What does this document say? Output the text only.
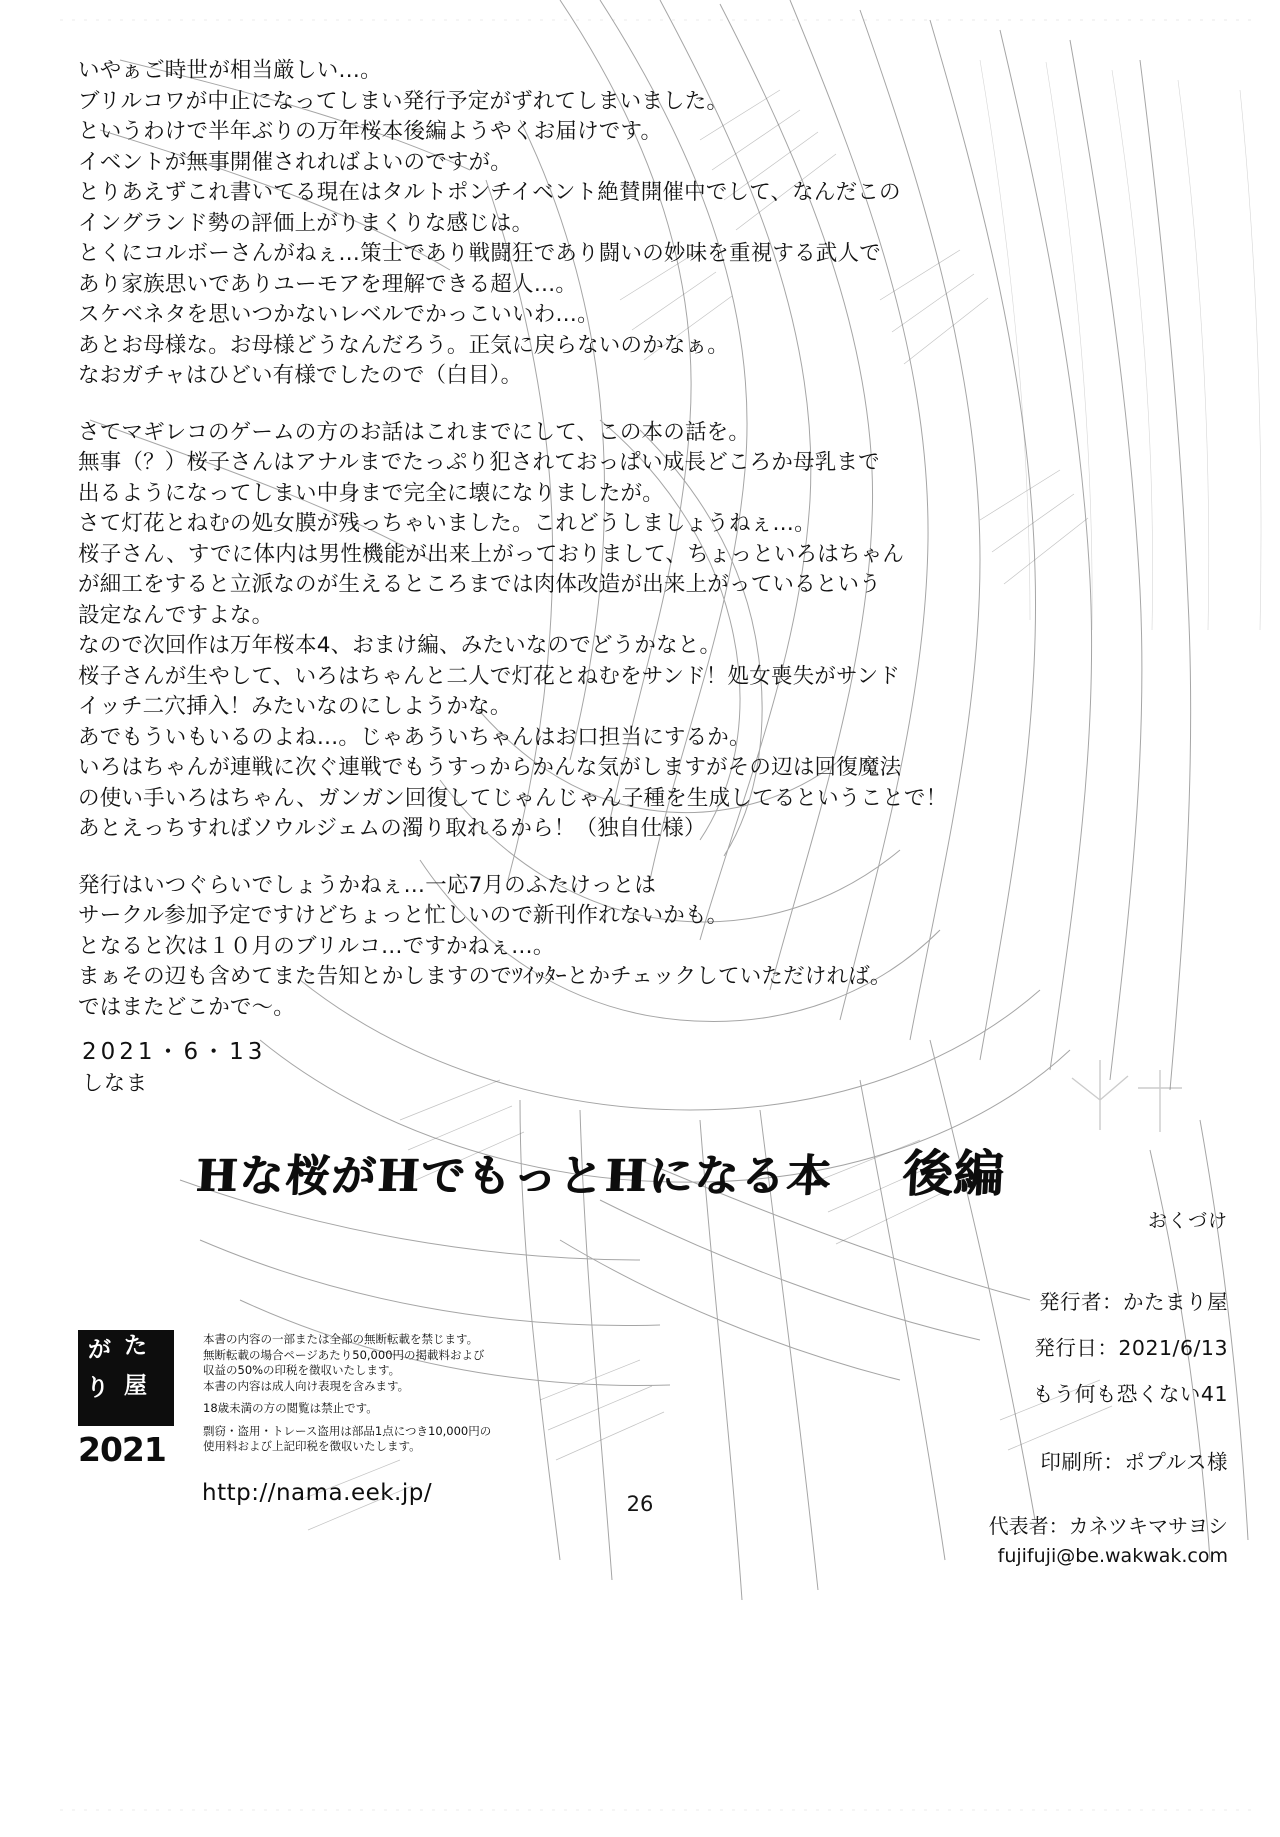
いやぁご時世が相当厳しい…。
ブリルコワが中止になってしまい発行予定がずれてしまいました。
というわけで半年ぶりの万年桜本後編ようやくお届けです。
イベントが無事開催されればよいのですが。
とりあえずこれ書いてる現在はタルトポンチイベント絶賛開催中でして、なんだこの
イングランド勢の評価上がりまくりな感じは。
とくにコルボーさんがねぇ…策士であり戦闘狂であり闘いの妙味を重視する武人で
あり家族思いでありユーモアを理解できる超人…。
スケベネタを思いつかないレベルでかっこいいわ…。
あとお母様な。お母様どうなんだろう。正気に戻らないのかなぁ。
なおガチャはひどい有様でしたので（白目）。
さてマギレコのゲームの方のお話はこれまでにして、この本の話を。
無事（？）桜子さんはアナルまでたっぷり犯されておっぱい成長どころか母乳まで
出るようになってしまい中身まで完全に壊になりましたが。
さて灯花とねむの処女膜が残っちゃいました。これどうしましょうねぇ…。
桜子さん、すでに体内は男性機能が出来上がっておりまして、ちょっといろはちゃん
が細工をすると立派なのが生えるところまでは肉体改造が出来上がっているという
設定なんですよな。
なので次回作は万年桜本4、おまけ編、みたいなのでどうかなと。
桜子さんが生やして、いろはちゃんと二人で灯花とねむをサンド！処女喪失がサンド
イッチ二穴挿入！みたいなのにしようかな。
あでもういもいるのよね…。じゃあういちゃんはお口担当にするか。
いろはちゃんが連戦に次ぐ連戦でもうすっからかんな気がしますがその辺は回復魔法
の使い手いろはちゃん、ガンガン回復してじゃんじゃん子種を生成してるということで！
あとえっちすればソウルジェムの濁り取れるから！（独自仕様）
発行はいつぐらいでしょうかねぇ…一応7月のふたけっとは
サークル参加予定ですけどちょっと忙しいので新刊作れないかも。
となると次は１０月のブリルコ…ですかねぇ…。
まぁその辺も含めてまた告知とかしますのでﾂｲｯﾀｰとかチェックしていただければ。
ではまたどこかで〜。
2021・6・13
しなま
Hな桜がHでもっとHになる本 後編
おくづけ
発行者：かたまり屋
発行日：2021/6/13
もう何も恐くない41
印刷所：ポプルス様
代表者：カネツキマサヨシ
fujifuji@be.wakwak.com
が た
り 屋
2021
http://nama.eek.jp/
本書の内容の一部または全部の無断転載を禁じます。
無断転載の場合ページあたり50,000円の掲載料および
収益の50%の印税を徴収いたします。
本書の内容は成人向け表現を含みます。
18歳未満の方の閲覧は禁止です。
剽窃・盗用・トレース盗用は部品1点につき10,000円の
使用料および上記印税を徴収いたします。
26
